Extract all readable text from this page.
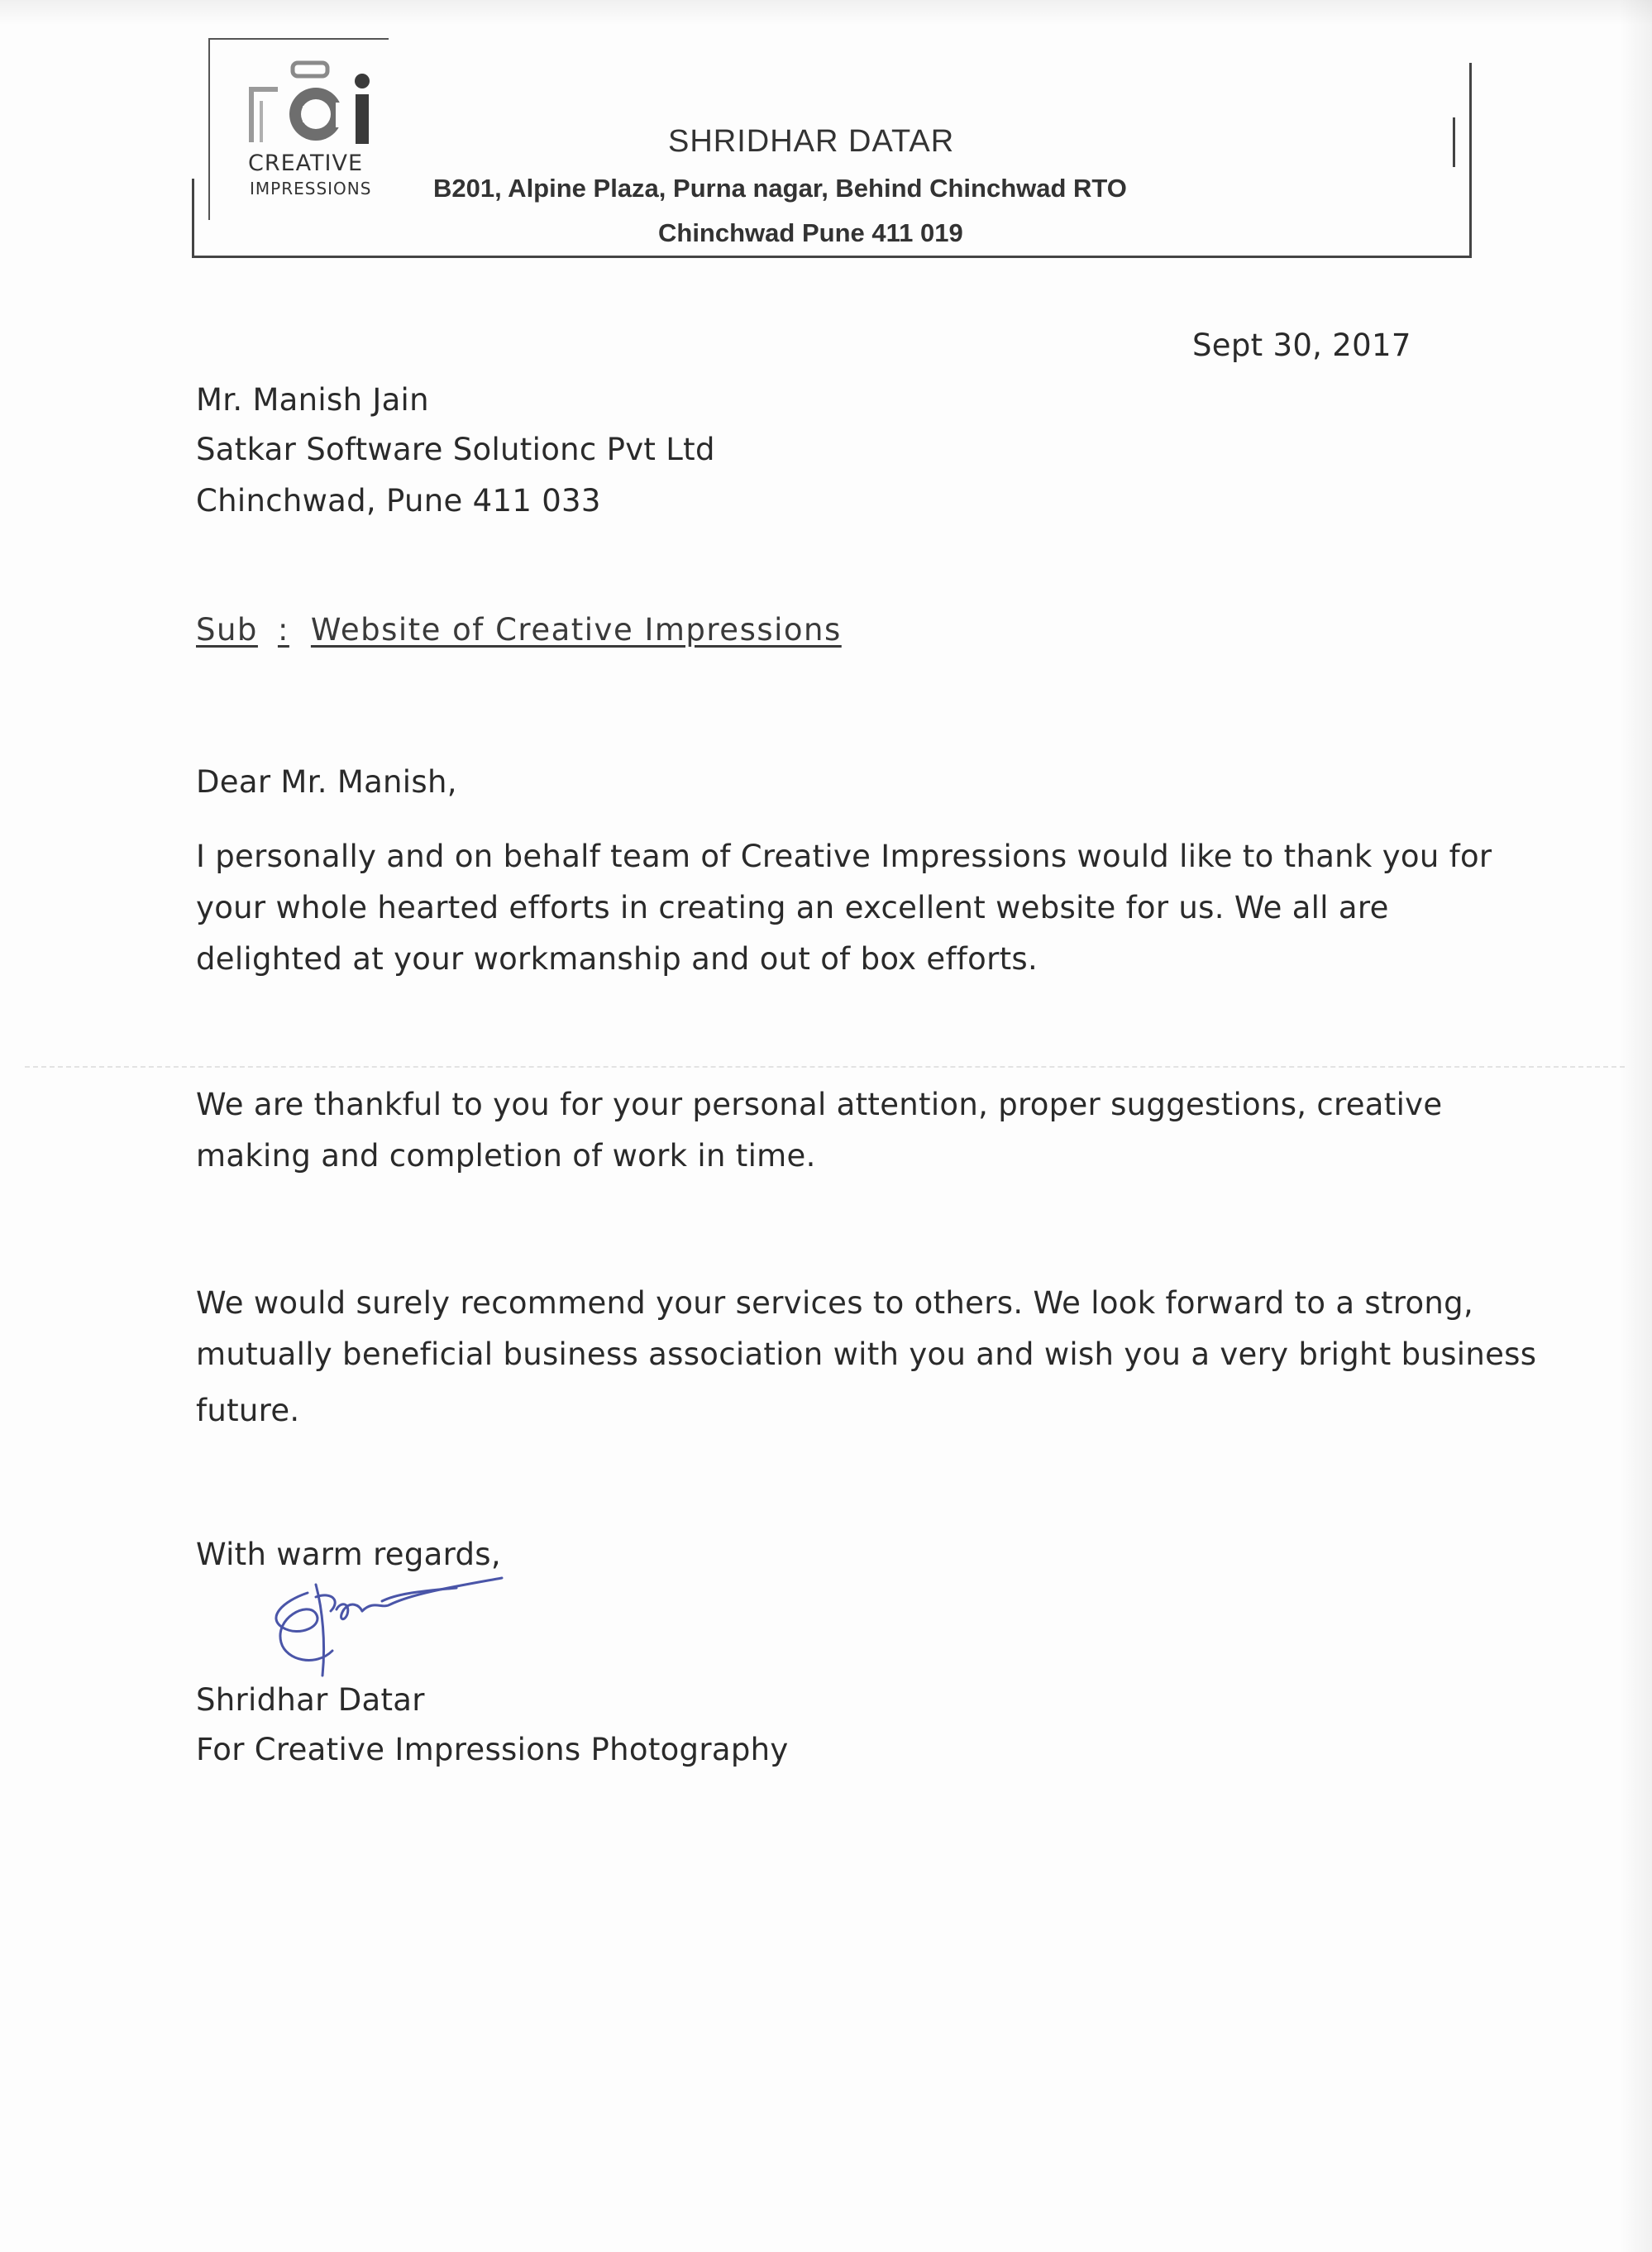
CREATIVE
IMPRESSIONS
SHRIDHAR DATAR
B201, Alpine Plaza, Purna nagar, Behind Chinchwad RTO
Chinchwad Pune 411 019
Sept 30, 2017
Mr. Manish Jain
Satkar Software Solutionc Pvt Ltd
Chinchwad, Pune 411 033
Sub : Website of Creative Impressions
Dear Mr. Manish,
I personally and on behalf team of Creative Impressions would like to thank you for
your whole hearted efforts in creating an excellent website for us. We all are
delighted at your workmanship and out of box efforts.
We are thankful to you for your personal attention, proper suggestions, creative
making and completion of work in time.
We would surely recommend your services to others. We look forward to a strong,
mutually beneficial business association with you and wish you a very bright business
future.
With warm regards,
Shridhar Datar
For Creative Impressions Photography
